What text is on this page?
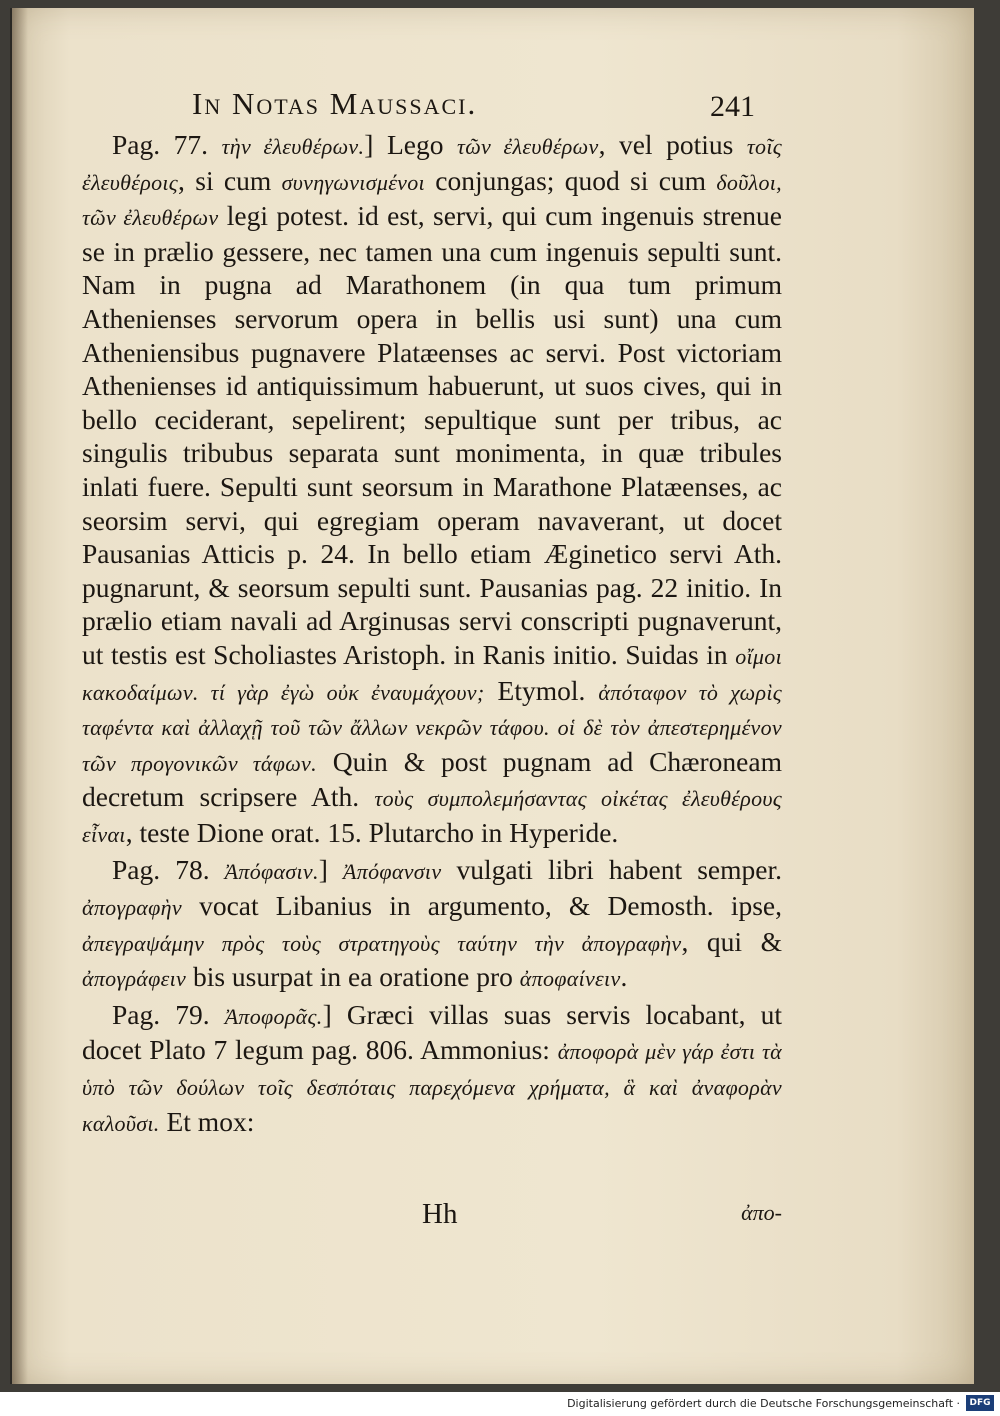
In Notas Maussaci.	241

Pag. 77. τὴν ἐλευθέρων.] Lego τῶν ἐλευθέρων, vel potius τοῖς ἐλευθέροις, si cum συνηγωνισμένοι conjungas; quod si cum δοῦλοι, τῶν ἐλευθέρων legi potest. id est, servi, qui cum ingenuis strenue se in prælio gessere, nec tamen una cum ingenuis sepulti sunt. Nam in pugna ad Marathonem (in qua tum primum Athenienses servorum opera in bellis usi sunt) una cum Atheniensibus pugnavere Platæenses ac servi. Post victoriam Athenienses id antiquissimum habuerunt, ut suos cives, qui in bello ceciderant, sepelirent; sepultique sunt per tribus, ac singulis tribubus separata sunt monimenta, in quæ tribules inlati fuere. Sepulti sunt seorsum in Marathone Platæenses, ac seorsim servi, qui egregiam operam navaverant, ut docet Pausanias Atticis p. 24. In bello etiam Æginetico servi Ath. pugnarunt, & seorsum sepulti sunt. Pausanias pag. 22 initio. In prælio etiam navali ad Arginusas servi conscripti pugnaverunt, ut testis est Scholiastes Aristoph. in Ranis initio. Suidas in οἴμοι κακοδαίμων. τί γὰρ ἐγὼ οὐκ ἐναυμάχουν; Etymol. ἀπόταφον τὸ χωρὶς ταφέντα καὶ ἀλλαχῇ τοῦ τῶν ἄλλων νεκρῶν τάφου. οἱ δὲ τὸν ἀπεστερημένον τῶν προγονικῶν τάφων. Quin & post pugnam ad Chæroneam decretum scripsere Ath. τοὺς συμπολεμήσαντας οἰκέτας ἐλευθέρους εἶναι, teste Dione orat. 15. Plutarcho in Hyperide.

Pag. 78. Ἀπόφασιν.] Ἀπόφανσιν vulgati libri habent semper. ἀπογραφὴν vocat Libanius in argumento, & Demosth. ipse, ἀπεγραψάμην πρὸς τοὺς στρατηγοὺς ταύτην τὴν ἀπογραφὴν, qui & ἀπογράφειν bis usurpat in ea oratione pro ἀποφαίνειν.

Pag. 79. Ἀποφορᾶς.] Græci villas suas servis locabant, ut docet Plato 7 legum pag. 806. Ammonius: ἀποφορὰ μὲν γάρ ἐστι τὰ ὑπὸ τῶν δούλων τοῖς δεσπόταις παρεχόμενα χρήματα, ἃ καὶ ἀναφορὰν καλοῦσι. Et mox:

Hh	ἀπο-
Digitalisierung gefördert durch die Deutsche Forschungsgemeinschaft ·	DFG
